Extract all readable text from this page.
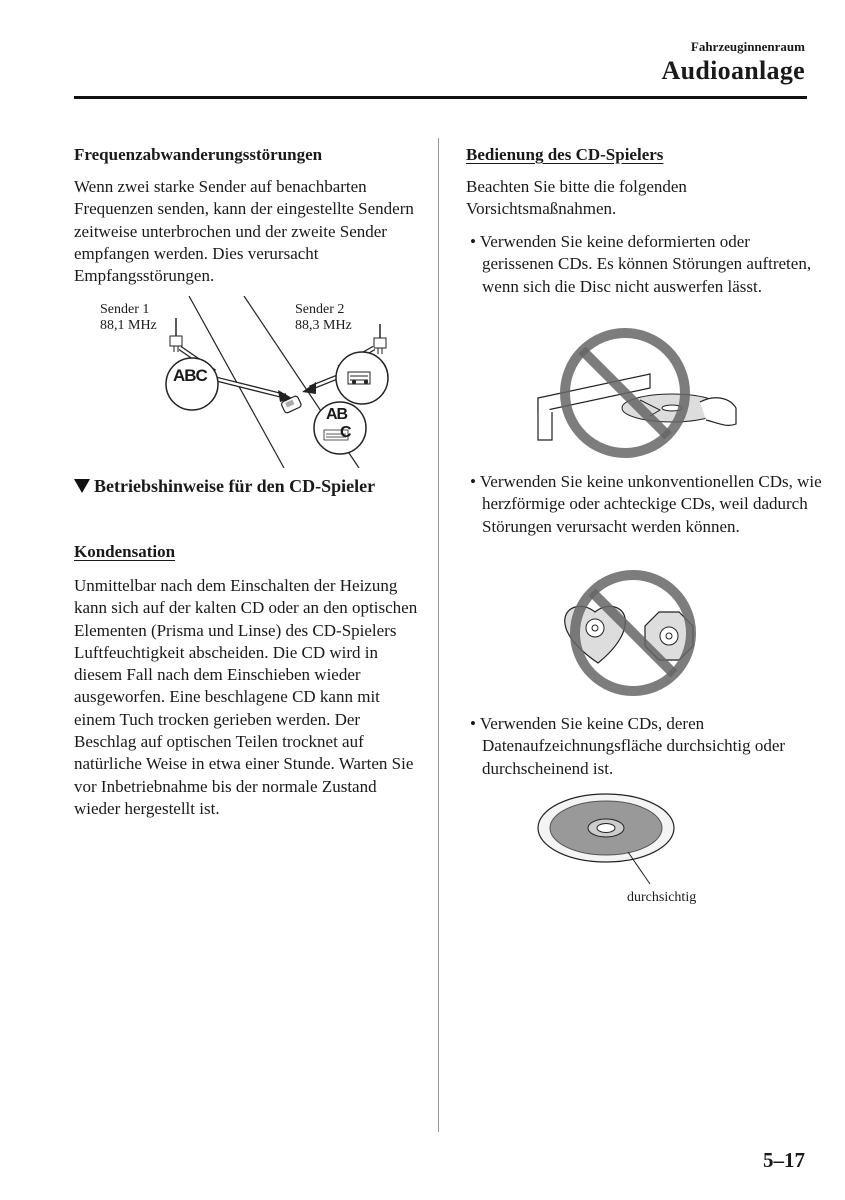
Fahrzeuginnenraum
Audioanlage
Frequenzabwanderungsstörungen
Wenn zwei starke Sender auf benachbarten Frequenzen senden, kann der eingestellte Sendern zeitweise unterbrochen und der zweite Sender empfangen werden. Dies verursacht Empfangsstörungen.
Sender 1
88,1 MHz
Sender 2
88,3 MHz
ABC
AB
C
Betriebshinweise für den CD-Spieler
Kondensation
Unmittelbar nach dem Einschalten der Heizung kann sich auf der kalten CD oder an den optischen Elementen (Prisma und Linse) des CD-Spielers Luftfeuchtigkeit abscheiden. Die CD wird in diesem Fall nach dem Einschieben wieder ausgeworfen. Eine beschlagene CD kann mit einem Tuch trocken gerieben werden. Der Beschlag auf optischen Teilen trocknet auf natürliche Weise in etwa einer Stunde. Warten Sie vor Inbetriebnahme bis der normale Zustand wieder hergestellt ist.
Bedienung des CD-Spielers
Beachten Sie bitte die folgenden Vorsichtsmaßnahmen.
• Verwenden Sie keine deformierten oder gerissenen CDs. Es können Störungen auftreten, wenn sich die Disc nicht auswerfen lässt.
• Verwenden Sie keine unkonventionellen CDs, wie herzförmige oder achteckige CDs, weil dadurch Störungen verursacht werden können.
• Verwenden Sie keine CDs, deren Datenaufzeichnungsfläche durchsichtig oder durchscheinend ist.
durchsichtig
5–17
